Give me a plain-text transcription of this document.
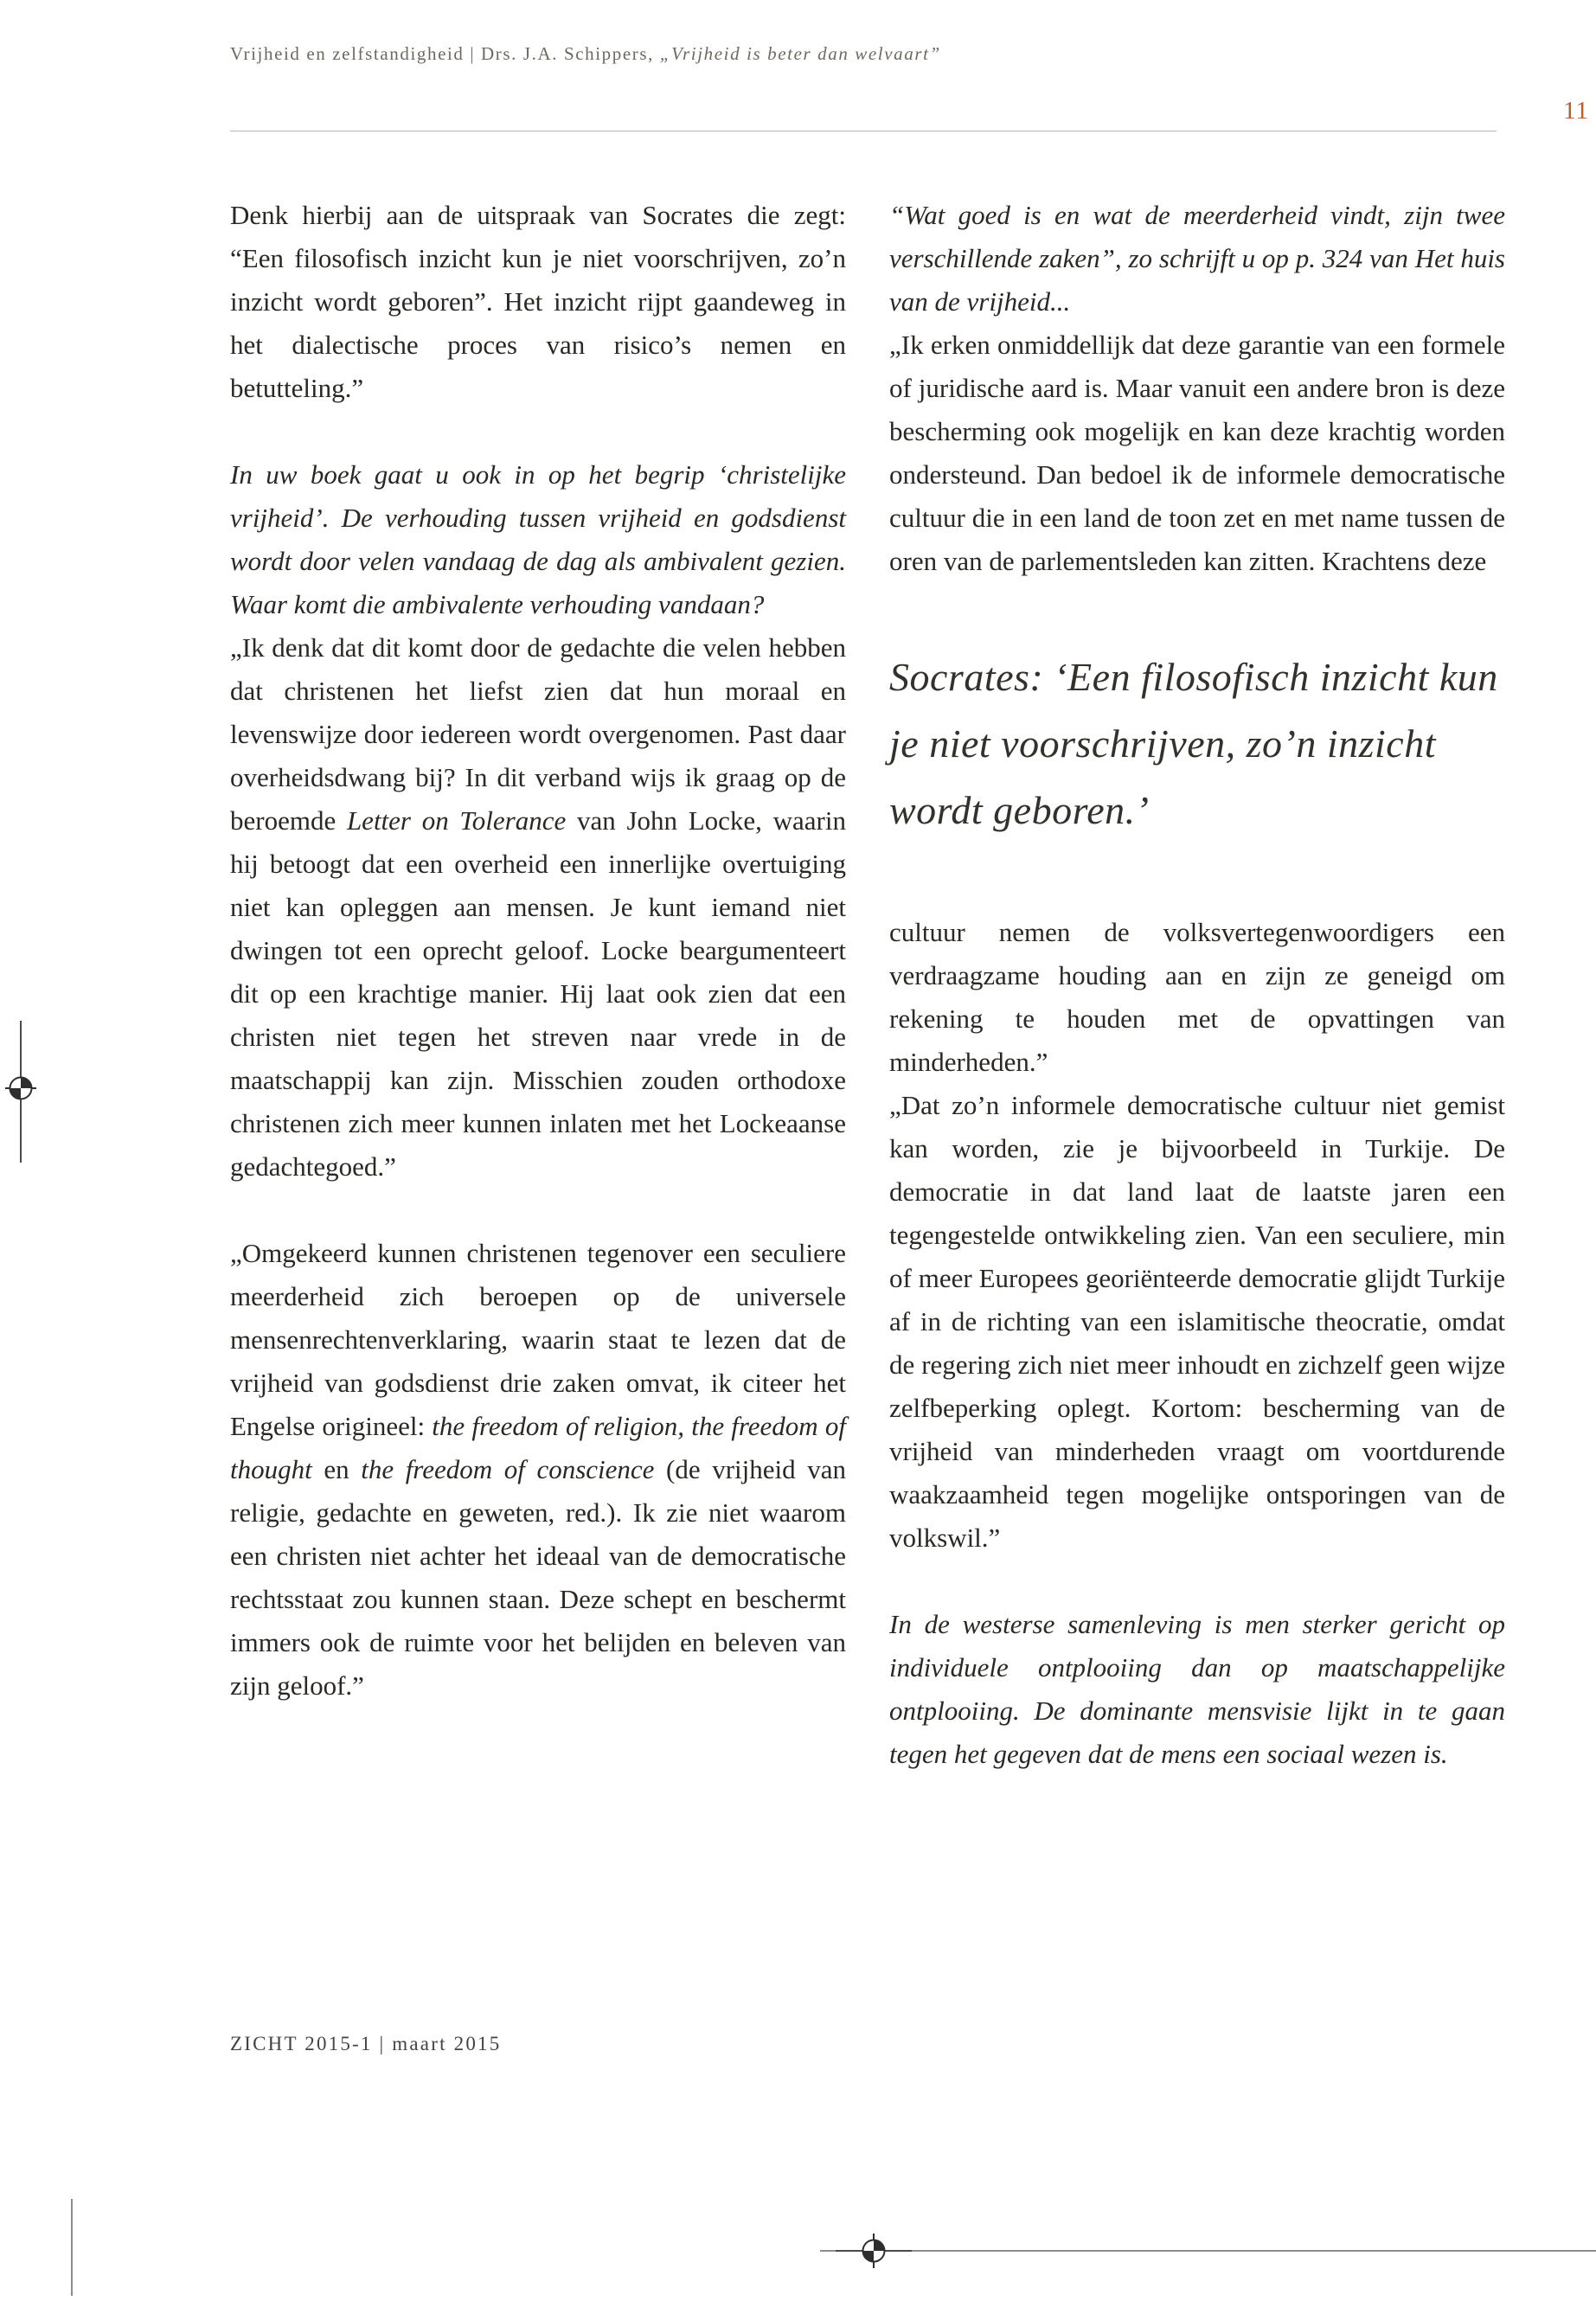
Vrijheid en zelfstandigheid | Drs. J.A. Schippers, „Vrijheid is beter dan welvaart”
11

Denk hierbij aan de uitspraak van Socrates die zegt: “Een filosofisch inzicht kun je niet voorschrijven, zo’n inzicht wordt geboren”. Het inzicht rijpt gaandeweg in het dialectische proces van risico’s nemen en betutteling.”

In uw boek gaat u ook in op het begrip ‘christelijke vrijheid’. De verhouding tussen vrijheid en godsdienst wordt door velen vandaag de dag als ambivalent gezien. Waar komt die ambivalente verhouding vandaan?

„Ik denk dat dit komt door de gedachte die velen hebben dat christenen het liefst zien dat hun moraal en levenswijze door iedereen wordt overgenomen. Past daar overheidsdwang bij? In dit verband wijs ik graag op de beroemde Letter on Tolerance van John Locke, waarin hij betoogt dat een overheid een innerlijke overtuiging niet kan opleggen aan mensen. Je kunt iemand niet dwingen tot een oprecht geloof. Locke beargumenteert dit op een krachtige manier. Hij laat ook zien dat een christen niet tegen het streven naar vrede in de maatschappij kan zijn. Misschien zouden orthodoxe christenen zich meer kunnen inlaten met het Lockeaanse gedachtegoed.”

„Omgekeerd kunnen christenen tegenover een seculiere meerderheid zich beroepen op de universele mensenrechtenverklaring, waarin staat te lezen dat de vrijheid van godsdienst drie zaken omvat, ik citeer het Engelse origineel: the freedom of religion, the freedom of thought en the freedom of conscience (de vrijheid van religie, gedachte en geweten, red.). Ik zie niet waarom een christen niet achter het ideaal van de democratische rechtsstaat zou kunnen staan. Deze schept en beschermt immers ook de ruimte voor het belijden en beleven van zijn geloof.”

“Wat goed is en wat de meerderheid vindt, zijn twee verschillende zaken”, zo schrijft u op p. 324 van Het huis van de vrijheid...

„Ik erken onmiddellijk dat deze garantie van een formele of juridische aard is. Maar vanuit een andere bron is deze bescherming ook mogelijk en kan deze krachtig worden ondersteund. Dan bedoel ik de informele democratische cultuur die in een land de toon zet en met name tussen de oren van de parlementsleden kan zitten. Krachtens deze

Socrates: ‘Een filosofisch inzicht kun je niet voorschrijven, zo’n inzicht wordt geboren.’

cultuur nemen de volksvertegenwoordigers een verdraagzame houding aan en zijn ze geneigd om rekening te houden met de opvattingen van minderheden.”

„Dat zo’n informele democratische cultuur niet gemist kan worden, zie je bijvoorbeeld in Turkije. De democratie in dat land laat de laatste jaren een tegengestelde ontwikkeling zien. Van een seculiere, min of meer Europees georiënteerde democratie glijdt Turkije af in de richting van een islamitische theocratie, omdat de regering zich niet meer inhoudt en zichzelf geen wijze zelfbeperking oplegt. Kortom: bescherming van de vrijheid van minderheden vraagt om voortdurende waakzaamheid tegen mogelijke ontsporingen van de volkswil.”

In de westerse samenleving is men sterker gericht op individuele ontplooiing dan op maatschappelijke ontplooiing. De dominante mensvisie lijkt in te gaan tegen het gegeven dat de mens een sociaal wezen is.

ZICHT 2015-1 | maart 2015
